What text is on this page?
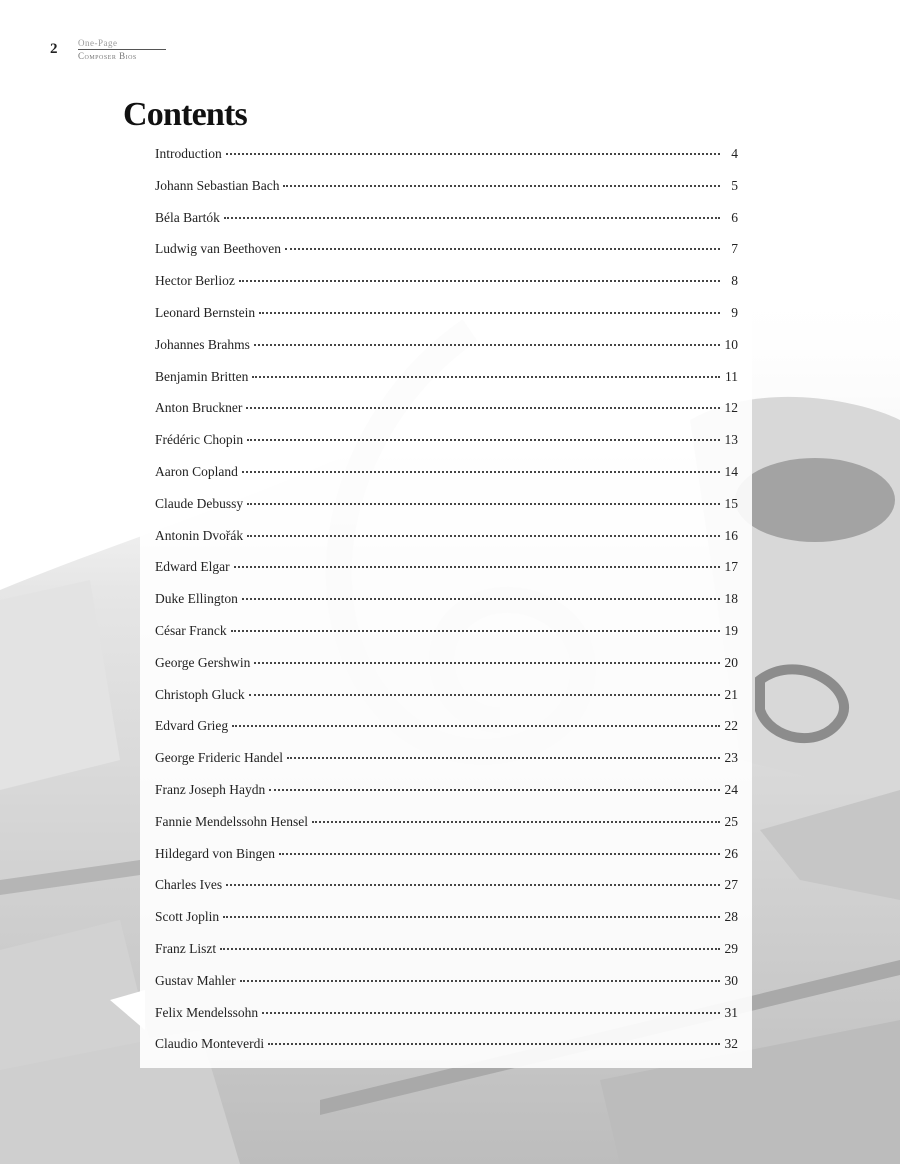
2 One-Page
Composer Bios
Contents
Introduction	4
Johann Sebastian Bach	5
Béla Bartók	6
Ludwig van Beethoven	7
Hector Berlioz	8
Leonard Bernstein	9
Johannes Brahms	10
Benjamin Britten	11
Anton Bruckner	12
Frédéric Chopin	13
Aaron Copland	14
Claude Debussy	15
Antonin Dvořák	16
Edward Elgar	17
Duke Ellington	18
César Franck	19
George Gershwin	20
Christoph Gluck	21
Edvard Grieg	22
George Frideric Handel	23
Franz Joseph Haydn	24
Fannie Mendelssohn Hensel	25
Hildegard von Bingen	26
Charles Ives	27
Scott Joplin	28
Franz Liszt	29
Gustav Mahler	30
Felix Mendelssohn	31
Claudio Monteverdi	32
